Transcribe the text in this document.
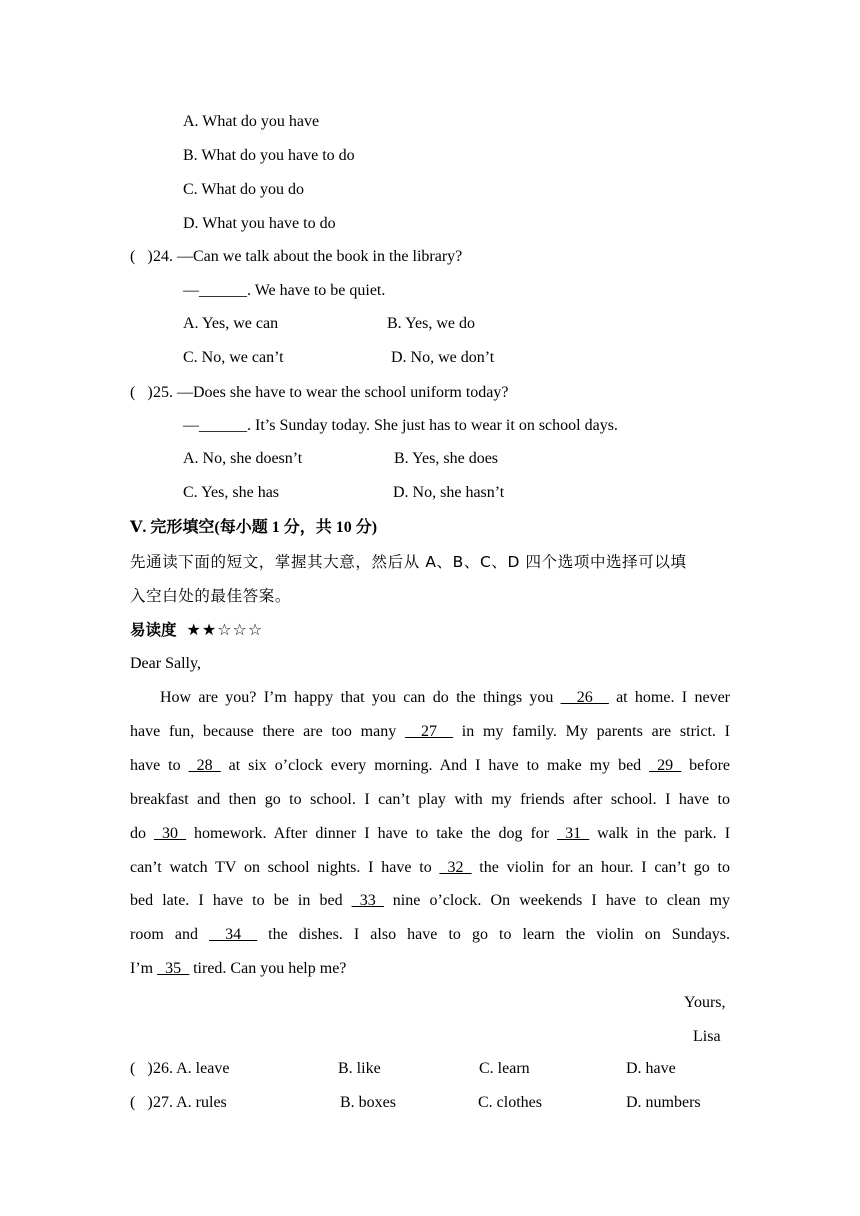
A. What do you have
B. What do you have to do
C. What do you do
D. What you have to do
( ) 24. —Can we talk about the book in the library?
—______. We have to be quiet.
A. Yes, we can	B. Yes, we do
C. No, we can’t	D. No, we don’t
( ) 25. —Does she have to wear the school uniform today?
—______. It’s Sunday today. She just has to wear it on school days.
A. No, she doesn’t	B. Yes, she does
C. Yes, she has	D. No, she hasn’t
Ⅴ. 完形填空(每小题 1 分，共 10 分)
先通读下面的短文，掌握其大意，然后从 A、B、C、D 四个选项中选择可以填
入空白处的最佳答案。
易读度 ★★☆☆☆
Dear Sally,
How are you? I’m happy that you can do the things you __26__ at home. I never
have fun, because there are too many __27__ in my family. My parents are strict. I
have to _28_ at six o’clock every morning. And I have to make my bed _29_ before
breakfast and then go to school. I can’t play with my friends after school. I have to
do _30_ homework. After dinner I have to take the dog for _31_ walk in the park. I
can’t watch TV on school nights. I have to _32_ the violin for an hour. I can’t go to
bed late. I have to be in bed _33_ nine o’clock. On weekends I have to clean my
room and __34__ the dishes. I also have to go to learn the violin on Sundays.
I’m _35_ tired. Can you help me?
Yours,
Lisa
( ) 26. A. leave	B. like	C. learn	D. have
( ) 27. A. rules	B. boxes	C. clothes	D. numbers
